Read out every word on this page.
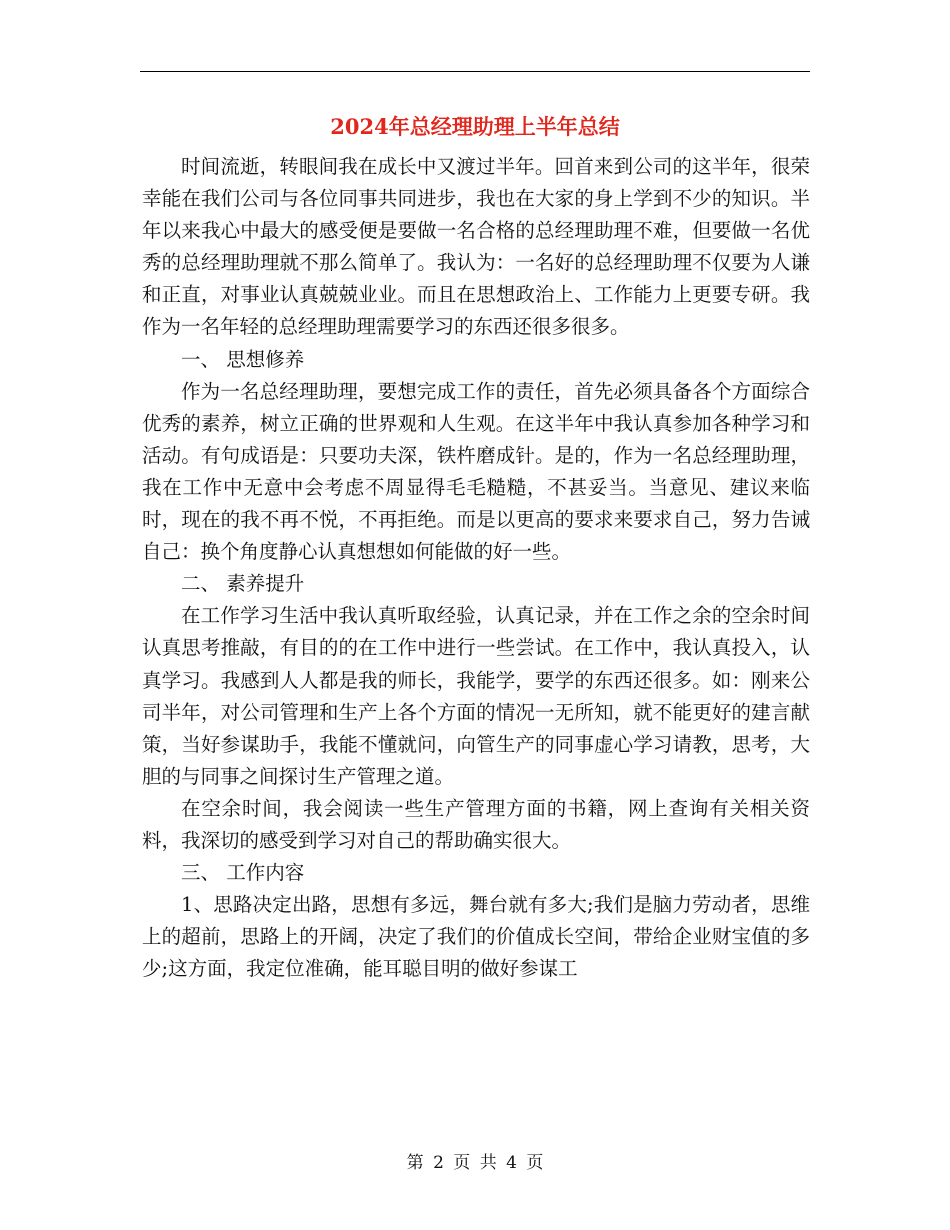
2024年总经理助理上半年总结

时间流逝，转眼间我在成长中又渡过半年。回首来到公司的这半年，很荣幸能在我们公司与各位同事共同进步，我也在大家的身上学到不少的知识。半年以来我心中最大的感受便是要做一名合格的总经理助理不难，但要做一名优秀的总经理助理就不那么简单了。我认为：一名好的总经理助理不仅要为人谦和正直，对事业认真兢兢业业。而且在思想政治上、工作能力上更要专研。我作为一名年轻的总经理助理需要学习的东西还很多很多。

一、 思想修养

作为一名总经理助理，要想完成工作的责任，首先必须具备各个方面综合优秀的素养，树立正确的世界观和人生观。在这半年中我认真参加各种学习和活动。有句成语是：只要功夫深，铁杵磨成针。是的，作为一名总经理助理，我在工作中无意中会考虑不周显得毛毛糙糙，不甚妥当。当意见、建议来临时，现在的我不再不悦，不再拒绝。而是以更高的要求来要求自己，努力告诫自己：换个角度静心认真想想如何能做的好一些。

二、 素养提升

在工作学习生活中我认真听取经验，认真记录，并在工作之余的空余时间认真思考推敲，有目的的在工作中进行一些尝试。在工作中，我认真投入，认真学习。我感到人人都是我的师长，我能学，要学的东西还很多。如：刚来公司半年，对公司管理和生产上各个方面的情况一无所知，就不能更好的建言献策，当好参谋助手，我能不懂就问，向管生产的同事虚心学习请教，思考，大胆的与同事之间探讨生产管理之道。

在空余时间，我会阅读一些生产管理方面的书籍，网上查询有关相关资料，我深切的感受到学习对自己的帮助确实很大。

三、 工作内容

1、思路决定出路，思想有多远，舞台就有多大;我们是脑力劳动者，思维上的超前，思路上的开阔，决定了我们的价值成长空间，带给企业财宝值的多少;这方面，我定位准确，能耳聪目明的做好参谋工

第 2 页 共 4 页
